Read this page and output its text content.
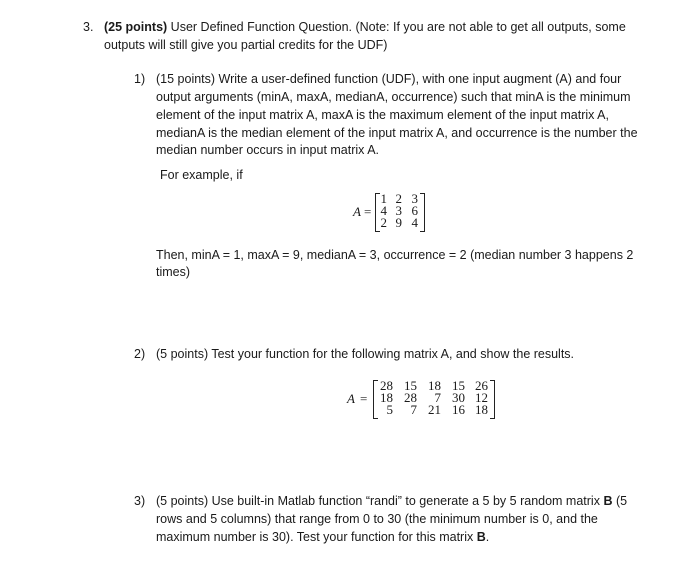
3. (25 points) User Defined Function Question. (Note: If you are not able to get all outputs, some
outputs will still give you partial credits for the UDF)
1) (15 points) Write a user-defined function (UDF), with one input augment (A) and four
output arguments (minA, maxA, medianA, occurrence) such that minA is the minimum
element of the input matrix A, maxA is the maximum element of the input matrix A,
medianA is the median element of the input matrix A, and occurrence is the number the
median number occurs in input matrix A.
For example, if
A =
1 2 3
4 3 6
2 9 4
Then, minA = 1, maxA = 9, medianA = 3, occurrence = 2 (median number 3 happens 2
times)
2) (5 points) Test your function for the following matrix A, and show the results.
A =
28 15 18 15 26
18 28	7 30 12
5	7 21 16 18
3) (5 points) Use built-in Matlab function “randi” to generate a 5 by 5 random matrix B (5
rows and 5 columns) that range from 0 to 30 (the minimum number is 0, and the
maximum number is 30). Test your function for this matrix B.
